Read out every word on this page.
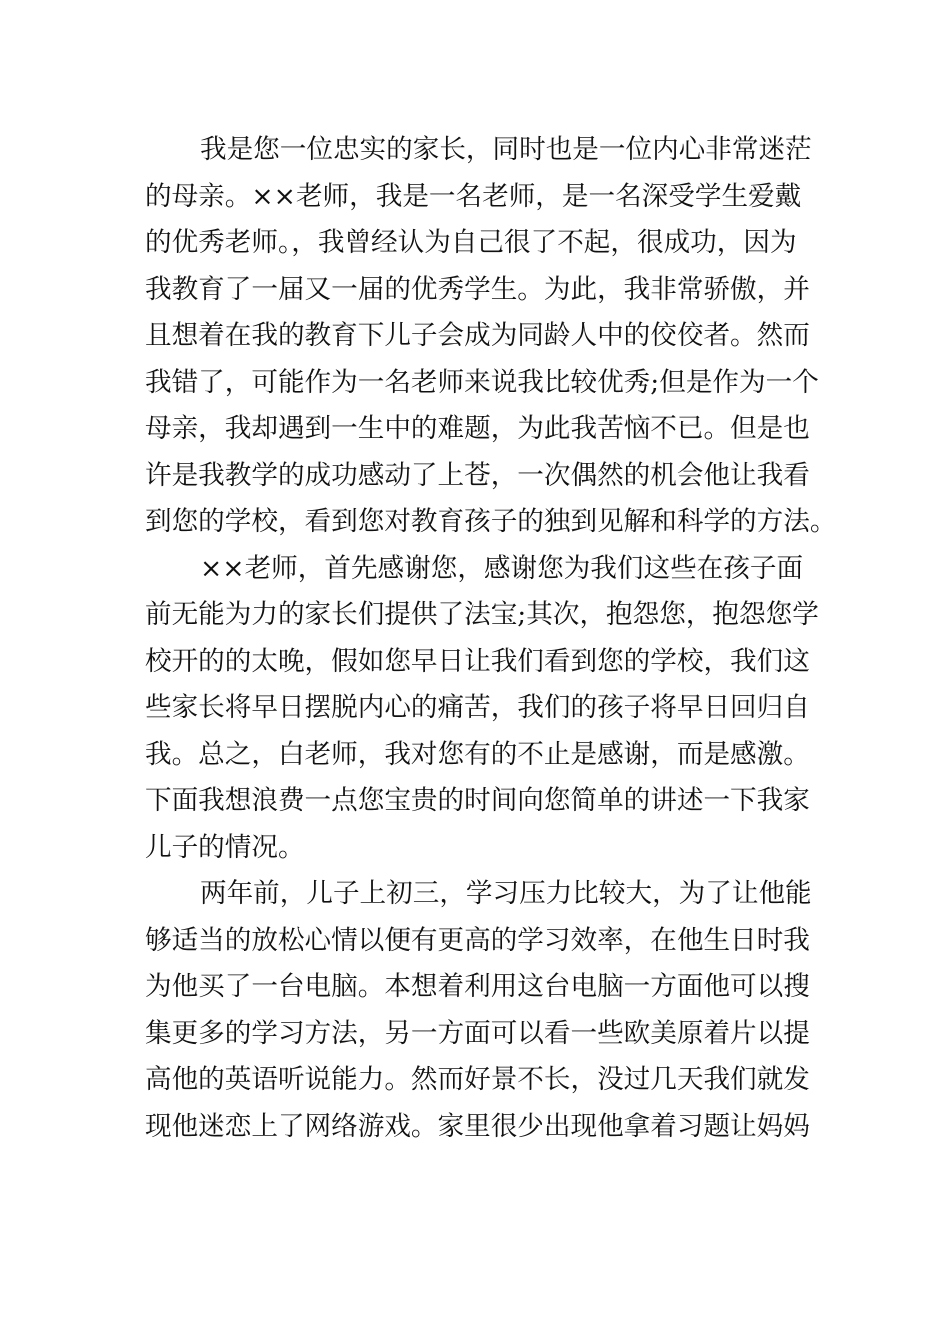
我是您一位忠实的家长，同时也是一位内心非常迷茫
的母亲。××老师，我是一名老师，是一名深受学生爱戴
的优秀老师。，我曾经认为自己很了不起，很成功，因为
我教育了一届又一届的优秀学生。为此，我非常骄傲，并
且想着在我的教育下儿子会成为同龄人中的佼佼者。然而
我错了，可能作为一名老师来说我比较优秀;但是作为一个
母亲，我却遇到一生中的难题，为此我苦恼不已。但是也
许是我教学的成功感动了上苍，一次偶然的机会他让我看
到您的学校，看到您对教育孩子的独到见解和科学的方法。
××老师，首先感谢您，感谢您为我们这些在孩子面
前无能为力的家长们提供了法宝;其次，抱怨您，抱怨您学
校开的的太晚，假如您早日让我们看到您的学校，我们这
些家长将早日摆脱内心的痛苦，我们的孩子将早日回归自
我。总之，白老师，我对您有的不止是感谢，而是感激。
下面我想浪费一点您宝贵的时间向您简单的讲述一下我家
儿子的情况。
两年前，儿子上初三，学习压力比较大，为了让他能
够适当的放松心情以便有更高的学习效率，在他生日时我
为他买了一台电脑。本想着利用这台电脑一方面他可以搜
集更多的学习方法，另一方面可以看一些欧美原着片以提
高他的英语听说能力。然而好景不长，没过几天我们就发
现他迷恋上了网络游戏。家里很少出现他拿着习题让妈妈
